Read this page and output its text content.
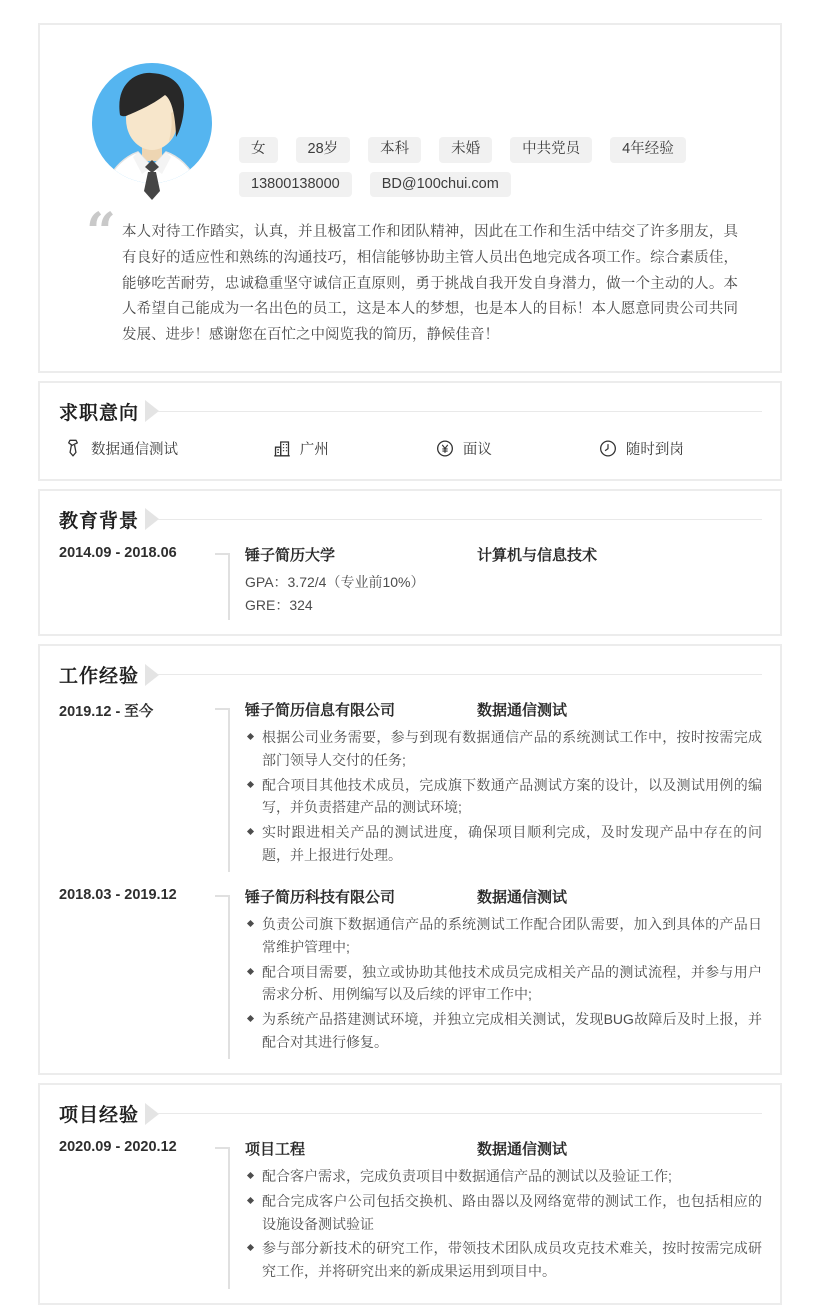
女	28岁	本科	未婚	中共党员	4年经验
13800138000	BD@100chui.com
“ 本人对待工作踏实，认真，并且极富工作和团队精神，因此在工作和生活中结交了许多朋友，具有良好的适应性和熟练的沟通技巧，相信能够协助主管人员出色地完成各项工作。综合素质佳，能够吃苦耐劳，忠诚稳重坚守诚信正直原则，勇于挑战自我开发自身潜力，做一个主动的人。本人希望自己能成为一名出色的员工，这是本人的梦想，也是本人的目标！本人愿意同贵公司共同发展、进步！感谢您在百忙之中阅览我的简历，静候佳音！

求职意向
数据通信测试	广州	面议	随时到岗
教育背景
2014.09 - 2018.06	锤子简历大学	计算机与信息技术
GPA：3.72/4（专业前10%）
GRE：324
工作经验
2019.12 - 至今	锤子简历信息有限公司	数据通信测试
根据公司业务需要，参与到现有数据通信产品的系统测试工作中，按时按需完成部门领导人交付的任务;
配合项目其他技术成员，完成旗下数通产品测试方案的设计，以及测试用例的编写，并负责搭建产品的测试环境;
实时跟进相关产品的测试进度，确保项目顺利完成，及时发现产品中存在的问题，并上报进行处理。
2018.03 - 2019.12	锤子简历科技有限公司	数据通信测试
负责公司旗下数据通信产品的系统测试工作配合团队需要，加入到具体的产品日常维护管理中;
配合项目需要，独立或协助其他技术成员完成相关产品的测试流程，并参与用户需求分析、用例编写以及后续的评审工作中;
为系统产品搭建测试环境，并独立完成相关测试，发现BUG故障后及时上报，并配合对其进行修复。
项目经验
2020.09 - 2020.12	项目工程	数据通信测试
配合客户需求，完成负责项目中数据通信产品的测试以及验证工作;
配合完成客户公司包括交换机、路由器以及网络宽带的测试工作，也包括相应的设施设备测试验证
参与部分新技术的研究工作，带领技术团队成员攻克技术难关，按时按需完成研究工作，并将研究出来的新成果运用到项目中。
